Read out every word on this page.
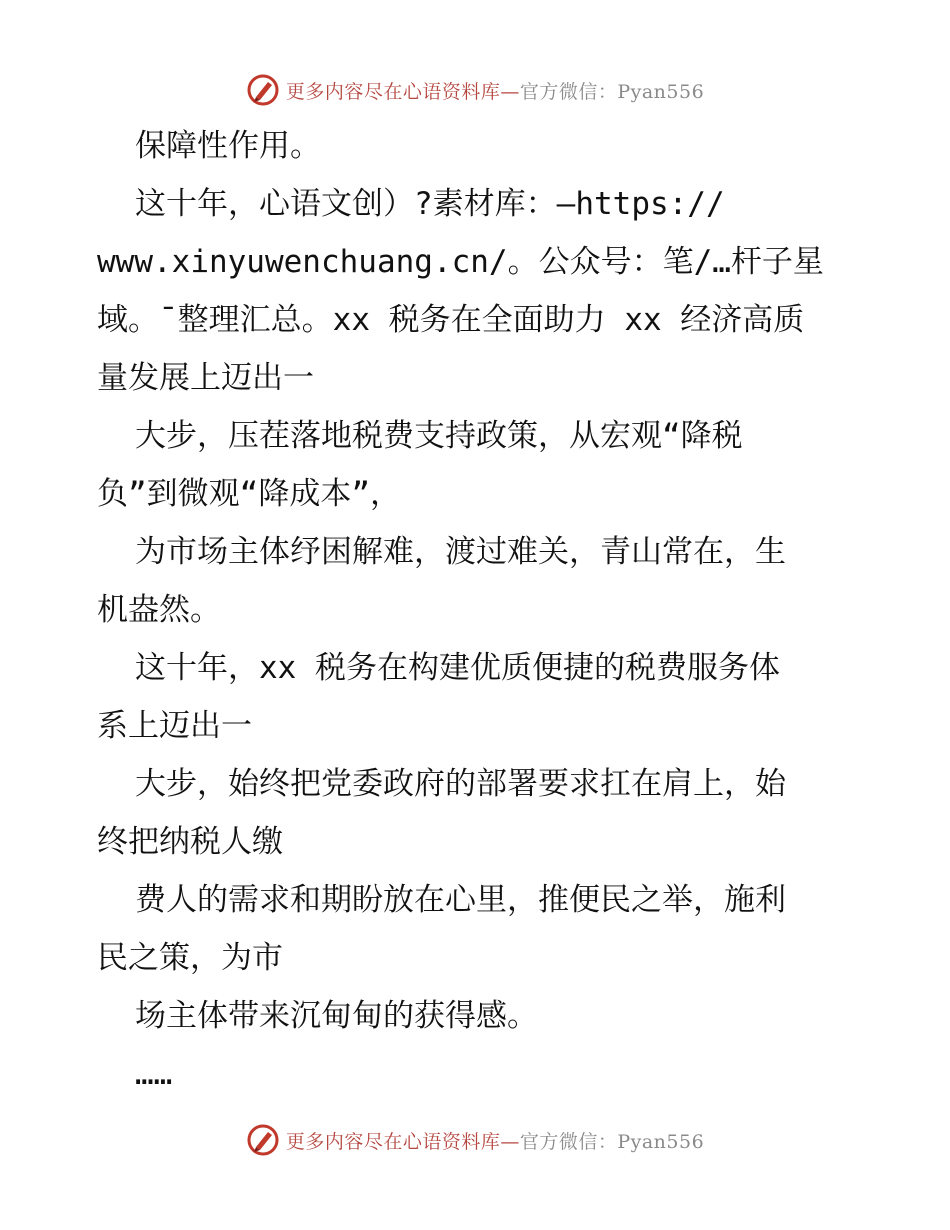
更多内容尽在心语资料库—官方微信：Pyan556
保障性作用。
这十年，心语文创）?素材库：—https://
www.xinyuwenchuang.cn/。公众号：笔/…杆子星
域。¯整理汇总。xx 税务在全面助力 xx 经济高质
量发展上迈出一
大步，压茬落地税费支持政策，从宏观“降税
负”到微观“降成本”，
为市场主体纾困解难，渡过难关，青山常在，生
机盎然。
这十年，xx 税务在构建优质便捷的税费服务体
系上迈出一
大步，始终把党委政府的部署要求扛在肩上，始
终把纳税人缴
费人的需求和期盼放在心里，推便民之举，施利
民之策，为市
场主体带来沉甸甸的获得感。
……
更多内容尽在心语资料库—官方微信：Pyan556
